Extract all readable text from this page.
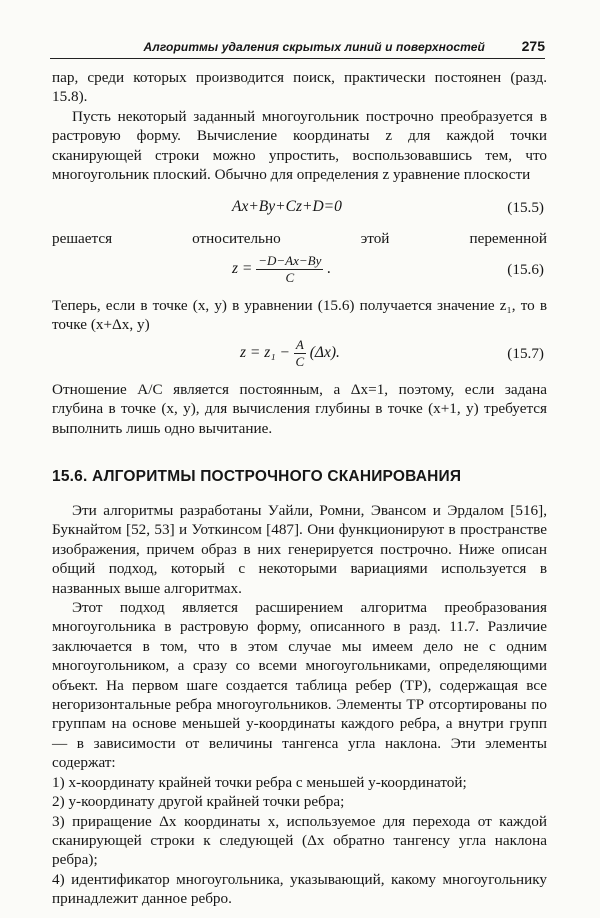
Алгоритмы удаления скрытых линий и поверхностей	275

пар, среди которых производится поиск, практически постоянен (разд. 15.8).

Пусть некоторый заданный многоугольник построчно преобразуется в растровую форму. Вычисление координаты z для каждой точки сканирующей строки можно упростить, воспользовавшись тем, что многоугольник плоский. Обычно для определения z уравнение плоскости

Ax+By+Cz+D=0	(15.5)

решается относительно этой переменной

$z = \frac{-D-Ax-By}{C}$ .	(15.6)

Теперь, если в точке (x, y) в уравнении (15.6) получается значение z₁, то в точке (x+Δx, y)

$z = z_1 - \frac{A}{C} (\Delta x)$.	(15.7)

Отношение A/C является постоянным, а Δx=1, поэтому, если задана глубина в точке (x, y), для вычисления глубины в точке (x+1, y) требуется выполнить лишь одно вычитание.

15.6. АЛГОРИТМЫ ПОСТРОЧНОГО СКАНИРОВАНИЯ

Эти алгоритмы разработаны Уайли, Ромни, Эвансом и Эрдалом [516], Букнайтом [52, 53] и Уоткинсом [487]. Они функционируют в пространстве изображения, причем образ в них генерируется построчно. Ниже описан общий подход, который с некоторыми вариациями используется в названных выше алгоритмах.

Этот подход является расширением алгоритма преобразования многоугольника в растровую форму, описанного в разд. 11.7. Различие заключается в том, что в этом случае мы имеем дело не с одним многоугольником, а сразу со всеми многоугольниками, определяющими объект. На первом шаге создается таблица ребер (ТР), содержащая все негоризонтальные ребра многоугольников. Элементы ТР отсортированы по группам на основе меньшей y-координаты каждого ребра, а внутри групп — в зависимости от величины тангенса угла наклона. Эти элементы содержат:

1) x-координату крайней точки ребра с меньшей y-координатой;

2) y-координату другой крайней точки ребра;

3) приращение Δx координаты x, используемое для перехода от каждой сканирующей строки к следующей (Δx обратно тангенсу угла наклона ребра);

4) идентификатор многоугольника, указывающий, какому многоугольнику принадлежит данное ребро.
